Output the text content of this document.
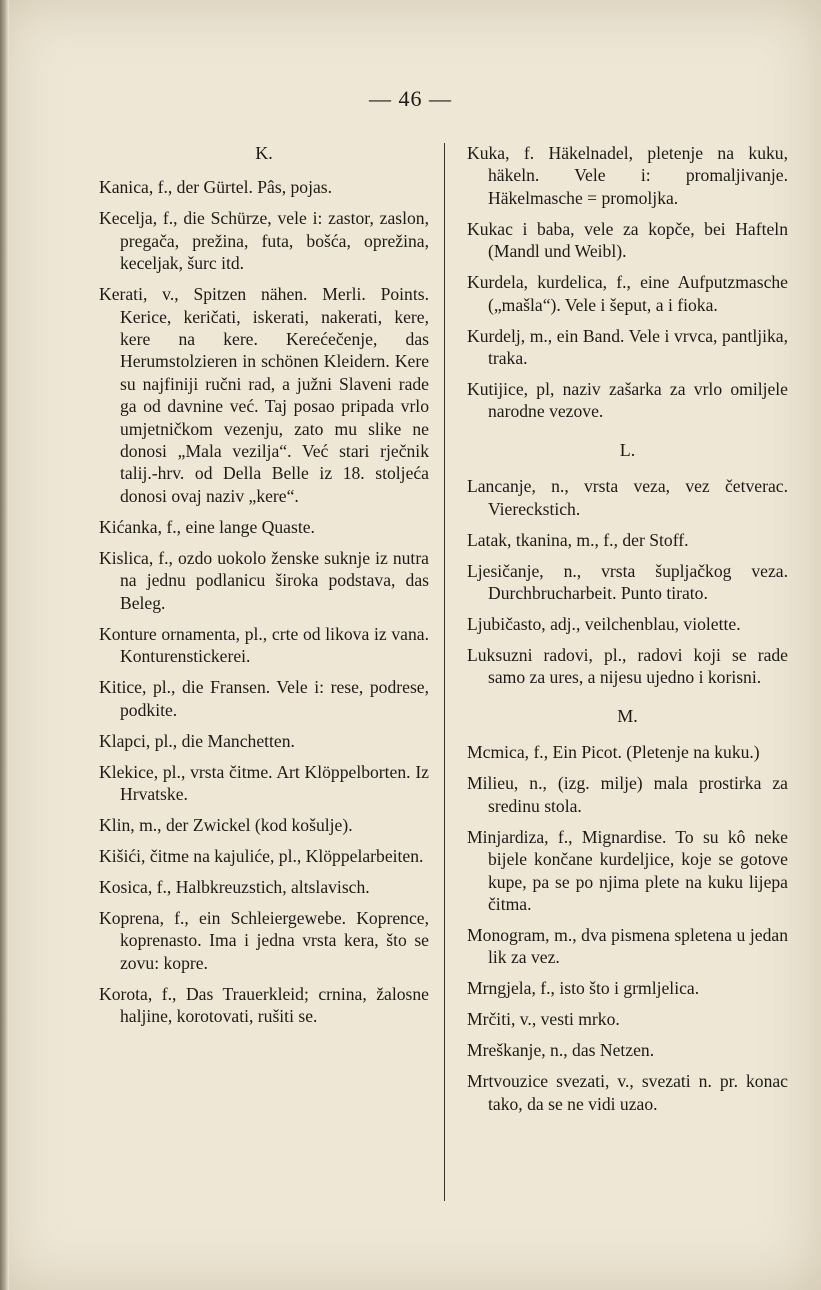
— 46 —
K.

Kanica, f., der Gürtel. Pâs, pojas.

Kecelja, f., die Schürze, vele i: zastor, zaslon, pregača, prežina, futa, bošća, oprežina, keceljak, šurc itd.

Kerati, v., Spitzen nähen. Merli. Points. Kerice, keričati, iskerati, nakerati, kere, kere na kere. Kerećečenje, das Herumstolzieren in schönen Kleidern. Kere su najfiniji ručni rad, a južni Slaveni rade ga od davnine već. Taj posao pripada vrlo umjetničkom vezenju, zato mu slike ne donosi „Mala vezilja“. Već stari rječnik talij.-hrv. od Della Belle iz 18. stoljeća donosi ovaj naziv „kere“.

Kićanka, f., eine lange Quaste.

Kislica, f., ozdo uokolo ženske suknje iz nutra na jednu podlanicu široka podstava, das Beleg.

Konture ornamenta, pl., crte od likova iz vana. Konturenstickerei.

Kitice, pl., die Fransen. Vele i: rese, podrese, podkite.

Klapci, pl., die Manchetten.

Klekice, pl., vrsta čitme. Art Klöppelborten. Iz Hrvatske.

Klin, m., der Zwickel (kod košulje).

Kišići, čitme na kajuliće, pl., Klöppelarbeiten.

Kosica, f., Halbkreuzstich, altslavisch.

Koprena, f., ein Schleiergewebe. Koprence, koprenasto. Ima i jedna vrsta kera, što se zovu: kopre.

Korota, f., Das Trauerkleid; crnina, žalosne haljine, korotovati, rušiti se.

Kuka, f. Häkelnadel, pletenje na kuku, häkeln. Vele i: promaljivanje. Häkelmasche = promoljka.

Kukac i baba, vele za kopče, bei Hafteln (Mandl und Weibl).

Kurdela, kurdelica, f., eine Aufputzmasche („mašla“). Vele i šeput, a i fioka.

Kurdelj, m., ein Band. Vele i vrvca, pantljika, traka.

Kutijice, pl, naziv zašarka za vrlo omiljele narodne vezove.

L.

Lancanje, n., vrsta veza, vez četverac. Viereckstich.

Latak, tkanina, m., f., der Stoff.

Ljesičanje, n., vrsta šupljačkog veza. Durchbrucharbeit. Punto tirato.

Ljubičasto, adj., veilchenblau, violette.

Luksuzni radovi, pl., radovi koji se rade samo za ures, a nijesu ujedno i korisni.

M.

Mcmica, f., Ein Picot. (Pletenje na kuku.)

Milieu, n., (izg. milje) mala prostirka za sredinu stola.

Minjardiza, f., Mignardise. To su kô neke bijele končane kurdeljice, koje se gotove kupe, pa se po njima plete na kuku lijepa čitma.

Monogram, m., dva pismena spletena u jedan lik za vez.

Mrngjela, f., isto što i grmljelica.

Mrčiti, v., vesti mrko.

Mreškanje, n., das Netzen.

Mrtvouzice svezati, v., svezati n. pr. konac tako, da se ne vidi uzao.
